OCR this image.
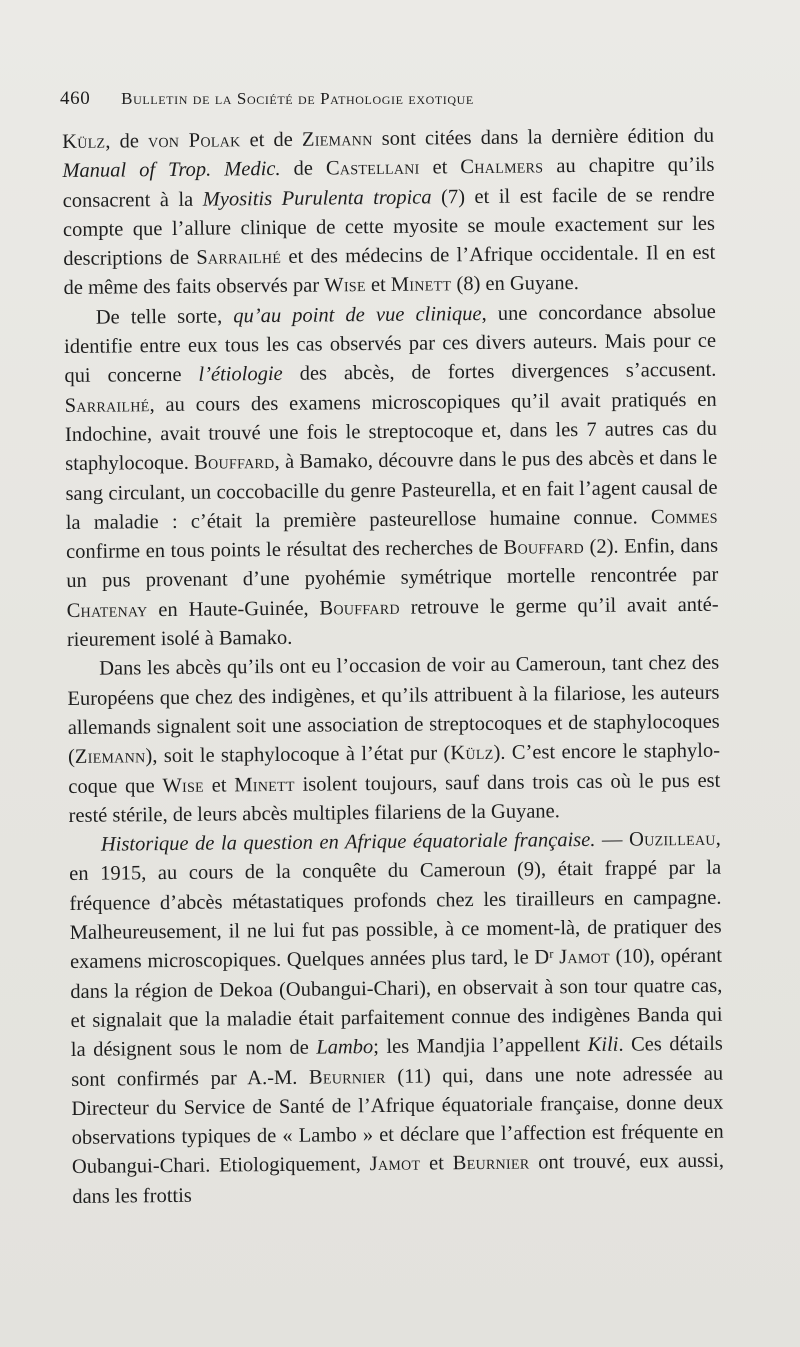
460 Bulletin de la Société de Pathologie exotique

Külz, de von Polak et de Ziemann sont citées dans la dernière édition du Manual of Trop. Medic. de Castellani et Chalmers au chapitre qu’ils consacrent à la Myositis Purulenta tropica (7) et il est facile de se rendre compte que l’allure clinique de cette myosite se moule exactement sur les descriptions de Sarrailhé et des médecins de l’Afrique occidentale. Il en est de même des faits observés par Wise et Minett (8) en Guyane.

De telle sorte, qu’au point de vue clinique, une concordance absolue identifie entre eux tous les cas observés par ces divers auteurs. Mais pour ce qui concerne l’étiologie des abcès, de fortes divergences s’accusent. Sarrailhé, au cours des examens microscopiques qu’il avait pratiqués en Indochine, avait trouvé une fois le streptocoque et, dans les 7 autres cas du staphylocoque. Bouffard, à Bamako, découvre dans le pus des abcès et dans le sang circulant, un coccobacille du genre Pasteurella, et en fait l’agent causal de la maladie : c’était la première pasteurellose humaine connue. Commes confirme en tous points le résultat des recherches de Bouffard (2). Enfin, dans un pus provenant d’une pyohémie symétrique mortelle rencontrée par Chatenay en Haute-Guinée, Bouffard retrouve le germe qu’il avait antérieurement isolé à Bamako.

Dans les abcès qu’ils ont eu l’occasion de voir au Cameroun, tant chez des Européens que chez des indigènes, et qu’ils attribuent à la filariose, les auteurs allemands signalent soit une association de streptocoques et de staphylocoques (Ziemann), soit le staphylocoque à l’état pur (Külz). C’est encore le staphylocoque que Wise et Minett isolent toujours, sauf dans trois cas où le pus est resté stérile, de leurs abcès multiples filariens de la Guyane.

Historique de la question en Afrique équatoriale française. — Ouzilleau, en 1915, au cours de la conquête du Cameroun (9), était frappé par la fréquence d’abcès métastatiques profonds chez les tirailleurs en campagne. Malheureusement, il ne lui fut pas possible, à ce moment-là, de pratiquer des examens microscopiques. Quelques années plus tard, le Dʳ Jamot (10), opérant dans la région de Dekoa (Oubangui-Chari), en observait à son tour quatre cas, et signalait que la maladie était parfaitement connue des indigènes Banda qui la désignent sous le nom de Lambo; les Mandjia l’appellent Kili. Ces détails sont confirmés par A.-M. Beurnier (11) qui, dans une note adressée au Directeur du Service de Santé de l’Afrique équatoriale française, donne deux observations typiques de « Lambo » et déclare que l’affection est fréquente en Oubangui-Chari. Etiologiquement, Jamot et Beurnier ont trouvé, eux aussi, dans les frottis
